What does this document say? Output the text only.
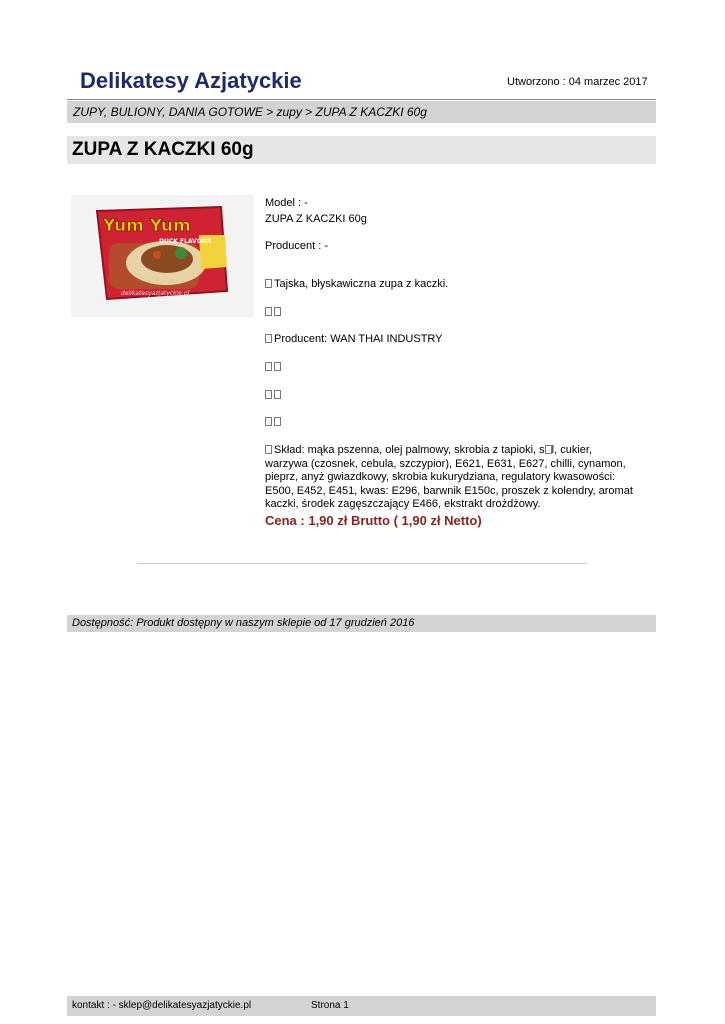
Delikatesy Azjatyckie	Utworzono : 04 marzec 2017
ZUPY, BULIONY, DANIA GOTOWE > zupy > ZUPA Z KACZKI 60g
ZUPA Z KACZKI 60g
Yum Yum
DUCK FLAVOUR
delikatesyazjatyckie.pl
Model : -
ZUPA Z KACZKI 60g
Producent : -
Tajska, błyskawiczna zupa z kaczki.
Producent: WAN THAI INDUSTRY
Skład: mąka pszenna, olej palmowy, skrobia z tapioki, s l, cukier, warzywa (czosnek, cebula, szczypior), E621, E631, E627, chilli, cynamon, pieprz, anyż gwiazdkowy, skrobia kukurydziana, regulatory kwasowości: E500, E452, E451, kwas: E296, barwnik E150c, proszek z kolendry, aromat kaczki, środek zagęszczający E466, ekstrakt drożdżowy.
Cena : 1,90 zł Brutto ( 1,90 zł Netto)
Dostępność: Produkt dostępny w naszym sklepie od 17 grudzień 2016
kontakt : - sklep@delikatesyazjatyckie.pl	Strona 1
